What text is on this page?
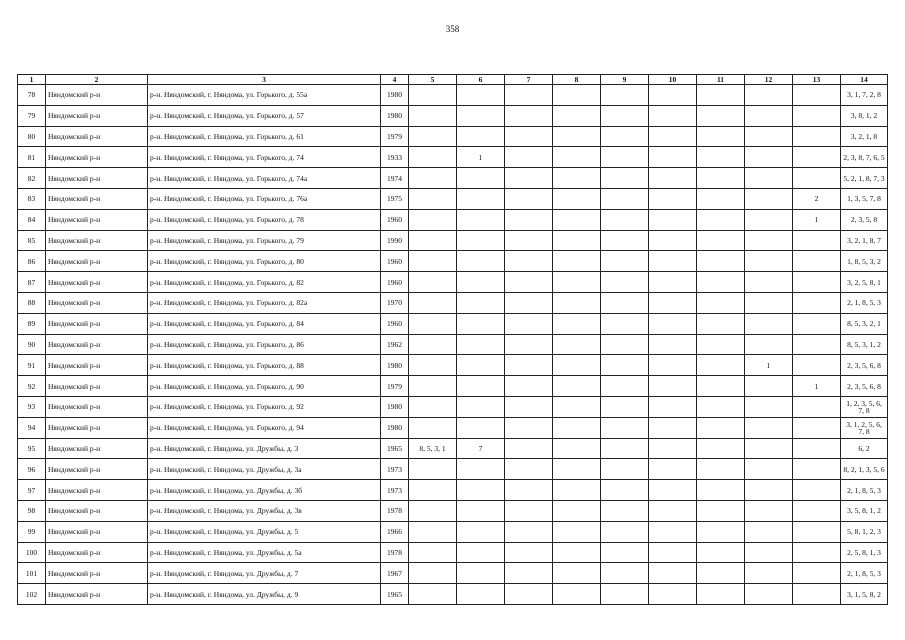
358
1	2	3	4	5	6	7	8	9	10	11	12	13	14
78	Няндомский р-н	р-н. Няндомский, г. Няндома, ул. Горького, д. 55а	1980										3, 1, 7, 2, 8
79	Няндомский р-н	р-н. Няндомский, г. Няндома, ул. Горького, д. 57	1980										3, 8, 1, 2
80	Няндомский р-н	р-н. Няндомский, г. Няндома, ул. Горького, д. 61	1979										3, 2, 1, 8
81	Няндомский р-н	р-н. Няндомский, г. Няндома, ул. Горького, д. 74	1933		1								2, 3, 8, 7, 6, 5
82	Няндомский р-н	р-н. Няндомский, г. Няндома, ул. Горького, д. 74а	1974										5, 2, 1, 8, 7, 3
83	Няндомский р-н	р-н. Няндомский, г. Няндома, ул. Горького, д. 76а	1975									2	1, 3, 5, 7, 8
84	Няндомский р-н	р-н. Няндомский, г. Няндома, ул. Горького, д. 78	1960									1	2, 3, 5, 8
85	Няндомский р-н	р-н. Няндомский, г. Няндома, ул. Горького, д. 79	1990										3, 2, 1, 8, 7
86	Няндомский р-н	р-н. Няндомский, г. Няндома, ул. Горького, д. 80	1960										1, 8, 5, 3, 2
87	Няндомский р-н	р-н. Няндомский, г. Няндома, ул. Горького, д. 82	1960										3, 2, 5, 8, 1
88	Няндомский р-н	р-н. Няндомский, г. Няндома, ул. Горького, д. 82а	1970										2, 1, 8, 5, 3
89	Няндомский р-н	р-н. Няндомский, г. Няндома, ул. Горького, д. 84	1960										8, 5, 3, 2, 1
90	Няндомский р-н	р-н. Няндомский, г. Няндома, ул. Горького, д. 86	1962										8, 5, 3, 1, 2
91	Няндомский р-н	р-н. Няндомский, г. Няндома, ул. Горького, д. 88	1980								1		2, 3, 5, 6, 8
92	Няндомский р-н	р-н. Няндомский, г. Няндома, ул. Горького, д. 90	1979									1	2, 3, 5, 6, 8
93	Няндомский р-н	р-н. Няндомский, г. Няндома, ул. Горького, д. 92	1980										1, 2, 3, 5, 6, 7, 8
94	Няндомский р-н	р-н. Няндомский, г. Няндома, ул. Горького, д. 94	1980										3, 1, 2, 5, 6, 7, 8
95	Няндомский р-н	р-н. Няндомский, г. Няндома, ул. Дружбы, д. 3	1965	8, 5, 3, 1	7								6, 2
96	Няндомский р-н	р-н. Няндомский, г. Няндома, ул. Дружбы, д. 3а	1973										8, 2, 1, 3, 5, 6
97	Няндомский р-н	р-н. Няндомский, г. Няндома, ул. Дружбы, д. 3б	1973										2, 1, 8, 5, 3
98	Няндомский р-н	р-н. Няндомский, г. Няндома, ул. Дружбы, д. 3в	1978										3, 5, 8, 1, 2
99	Няндомский р-н	р-н. Няндомский, г. Няндома, ул. Дружбы, д. 5	1966										5, 8, 1, 2, 3
100	Няндомский р-н	р-н. Няндомский, г. Няндома, ул. Дружбы, д. 5а	1978										2, 5, 8, 1, 3
101	Няндомский р-н	р-н. Няндомский, г. Няндома, ул. Дружбы, д. 7	1967										2, 1, 8, 5, 3
102	Няндомский р-н	р-н. Няндомский, г. Няндома, ул. Дружбы, д. 9	1965										3, 1, 5, 8, 2
